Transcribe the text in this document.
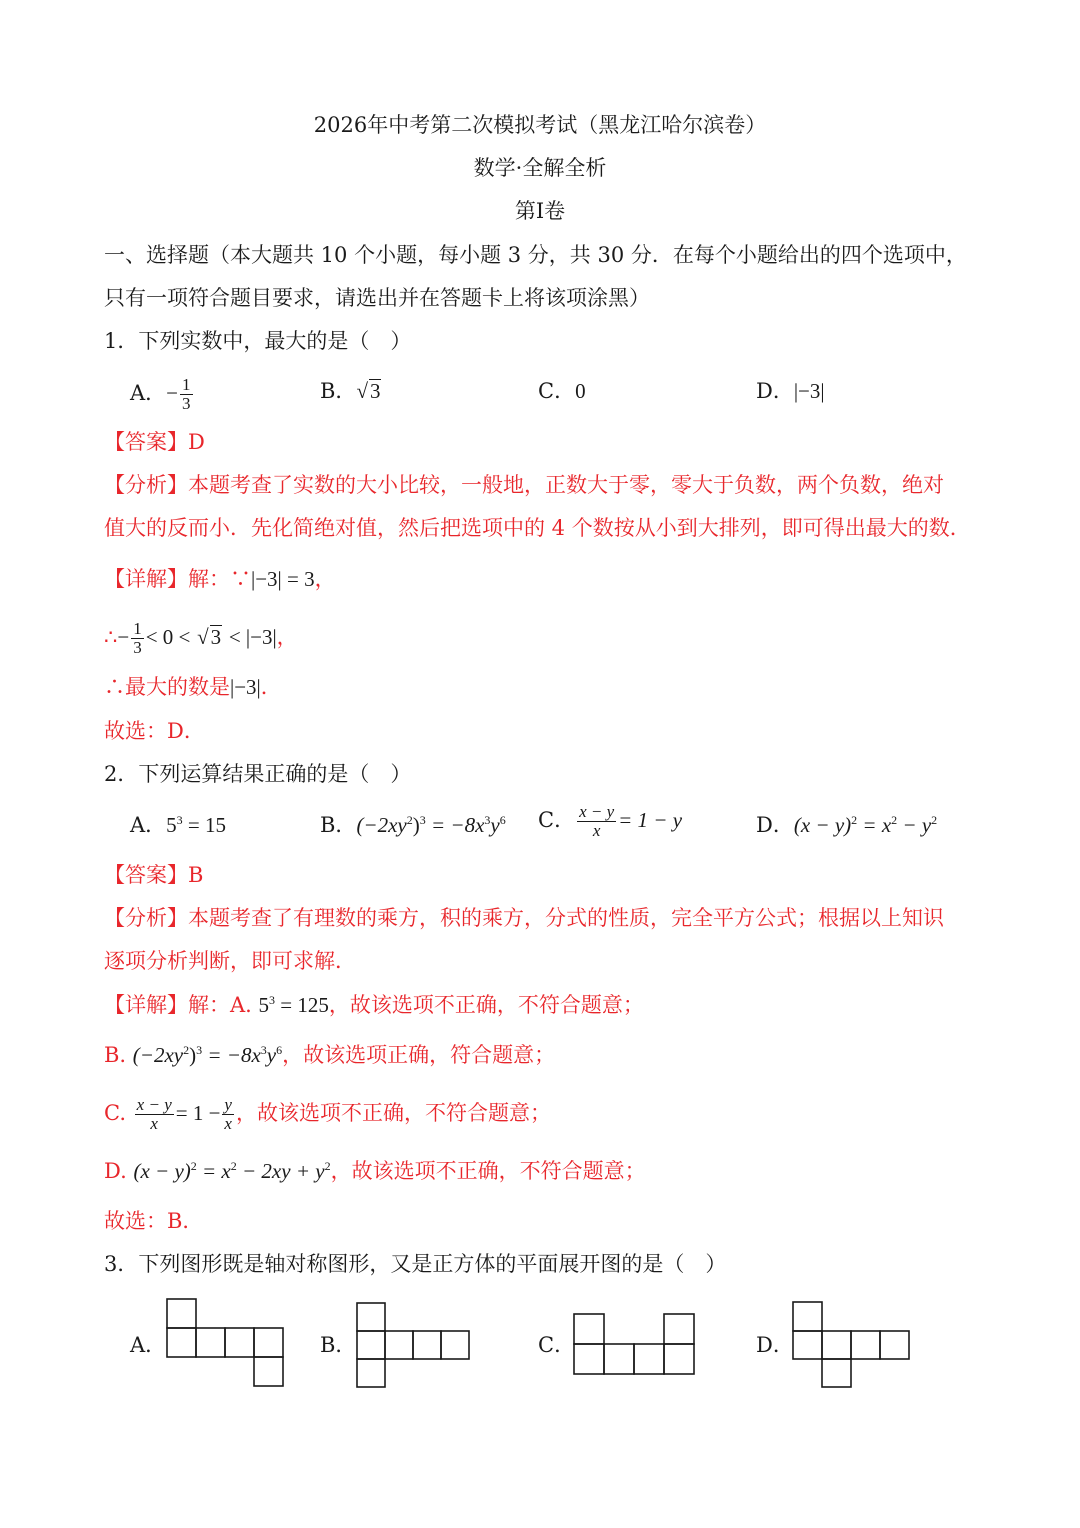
2026年中考第二次模拟考试（黑龙江哈尔滨卷）
数学·全解全析
第Ⅰ卷
一、选择题（本大题共 10 个小题，每小题 3 分，共 30 分．在每个小题给出的四个选项中，
只有一项符合题目要求，请选出并在答题卡上将该项涂黑）
1．下列实数中，最大的是（　）
A．− $\frac{1}{3}$	B．√3	C．0	D．|−3|
【答案】D
【分析】本题考查了实数的大小比较，一般地，正数大于零，零大于负数，两个负数，绝对
值大的反而小．先化简绝对值，然后把选项中的 4 个数按从小到大排列，即可得出最大的数．
【详解】解：∵|−3| = 3，
∴− $\frac{1}{3} < 0 < √3 < |-3|$，
∴最大的数是|−3|．
故选：D．
2．下列运算结果正确的是（　）
A．$5^3 = 15$	B．$(-2xy^2)^3 = -8x^3y^6$ C． $\frac{x - y}{x} = 1 - y$	D．$(x - y)^2 = x^2 - y^2$
【答案】B
【分析】本题考查了有理数的乘方，积的乘方，分式的性质，完全平方公式；根据以上知识
逐项分析判断，即可求解．
【详解】解：A. $5^3 = 125$，故该选项不正确，不符合题意；
B. $(-2xy^2)^3 = -8x^3y^6$，故该选项正确，符合题意；
C. $\frac{x - y}{x} = 1 - \frac{y}{x}$ ，故该选项不正确，不符合题意；
D. $(x - y)^2 = x^2 - 2xy + y^2$，故该选项不正确，不符合题意；
故选：B．
3．下列图形既是轴对称图形，又是正方体的平面展开图的是（　）
A．	B．	C．	D．
